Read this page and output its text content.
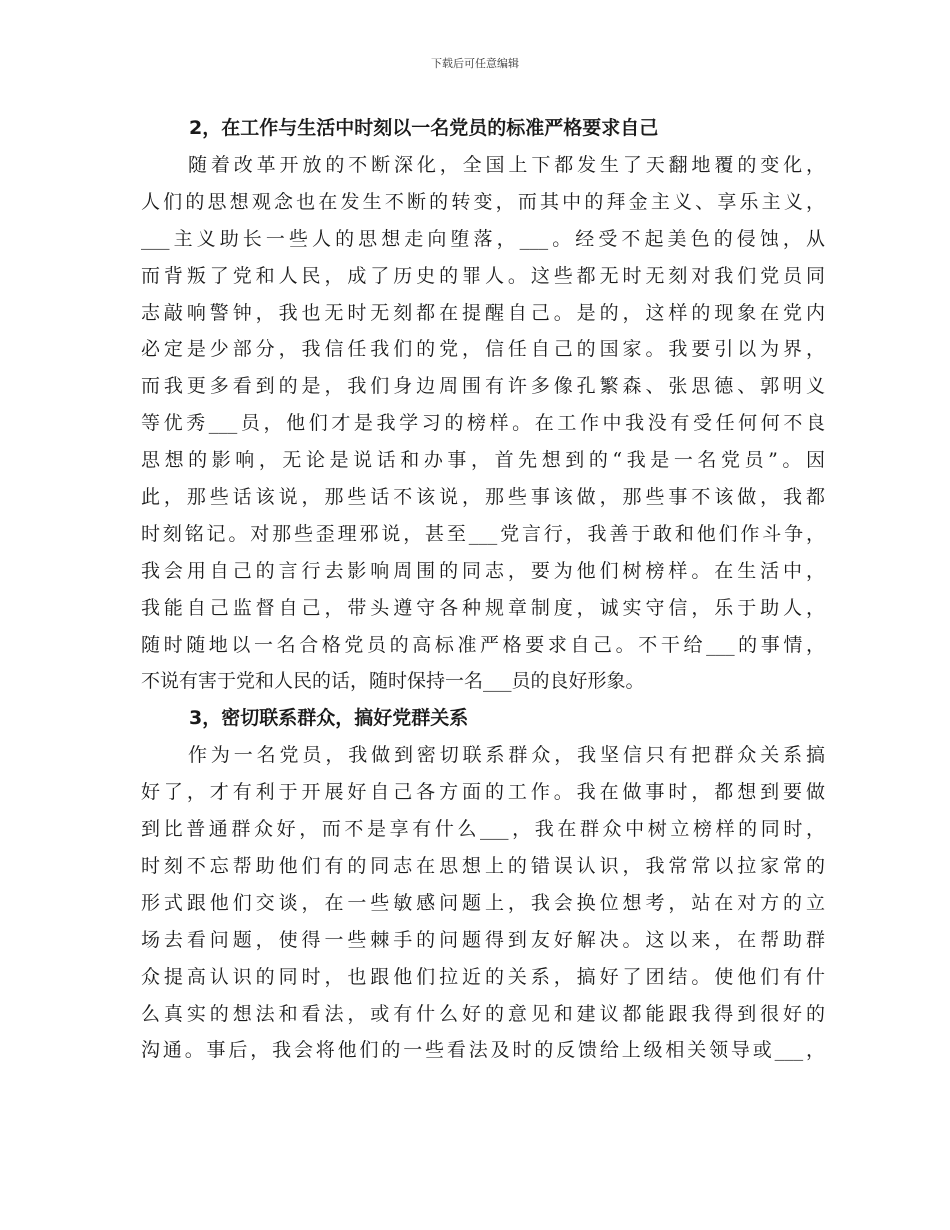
下载后可任意编辑
2，在工作与生活中时刻以一名党员的标准严格要求自己
随着改革开放的不断深化，全国上下都发生了天翻地覆的变化，
人们的思想观念也在发生不断的转变，而其中的拜金主义、享乐主义，
___主义助长一些人的思想走向堕落，___。经受不起美色的侵蚀，从
而背叛了党和人民，成了历史的罪人。这些都无时无刻对我们党员同
志敲响警钟，我也无时无刻都在提醒自己。是的，这样的现象在党内
必定是少部分，我信任我们的党，信任自己的国家。我要引以为界，
而我更多看到的是，我们身边周围有许多像孔繁森、张思德、郭明义
等优秀___员，他们才是我学习的榜样。在工作中我没有受任何何不良
思想的影响，无论是说话和办事，首先想到的“我是一名党员”。因
此，那些话该说，那些话不该说，那些事该做，那些事不该做，我都
时刻铭记。对那些歪理邪说，甚至___党言行，我善于敢和他们作斗争，
我会用自己的言行去影响周围的同志，要为他们树榜样。在生活中，
我能自己监督自己，带头遵守各种规章制度，诚实守信，乐于助人，
随时随地以一名合格党员的高标准严格要求自己。不干给___的事情，
不说有害于党和人民的话，随时保持一名___员的良好形象。
3，密切联系群众，搞好党群关系
作为一名党员，我做到密切联系群众，我坚信只有把群众关系搞
好了，才有利于开展好自己各方面的工作。我在做事时，都想到要做
到比普通群众好，而不是享有什么___，我在群众中树立榜样的同时，
时刻不忘帮助他们有的同志在思想上的错误认识，我常常以拉家常的
形式跟他们交谈，在一些敏感问题上，我会换位想考，站在对方的立
场去看问题，使得一些棘手的问题得到友好解决。这以来，在帮助群
众提高认识的同时，也跟他们拉近的关系，搞好了团结。使他们有什
么真实的想法和看法，或有什么好的意见和建议都能跟我得到很好的
沟通。事后，我会将他们的一些看法及时的反馈给上级相关领导或___，
